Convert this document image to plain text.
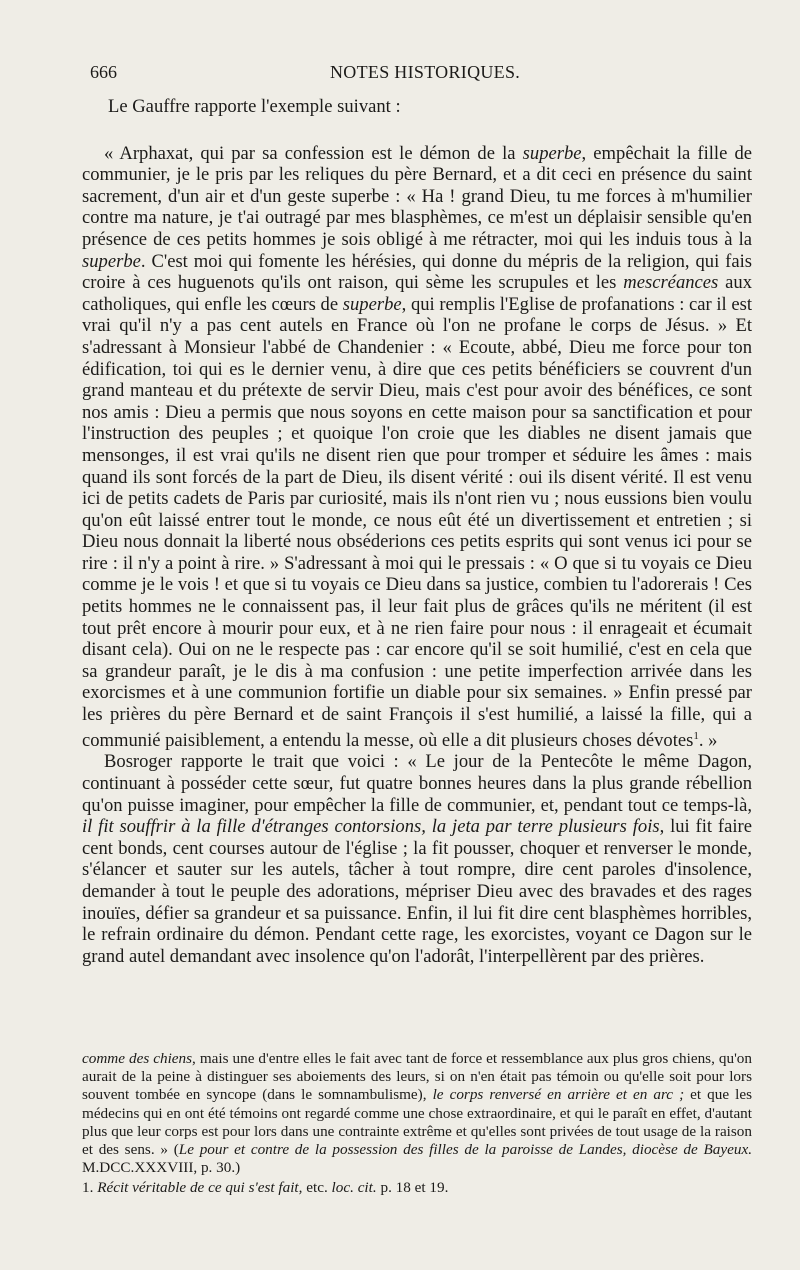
666	NOTES HISTORIQUES.

Le Gauffre rapporte l'exemple suivant :

« Arphaxat, qui par sa confession est le démon de la superbe, empêchait la fille de communier, je le pris par les reliques du père Bernard, et a dit ceci en présence du saint sacrement, d'un air et d'un geste superbe : « Ha ! grand Dieu, tu me forces à m'humilier contre ma nature, je t'ai outragé par mes blasphèmes, ce m'est un déplaisir sensible qu'en présence de ces petits hommes je sois obligé à me rétracter, moi qui les induis tous à la superbe. C'est moi qui fomente les hérésies, qui donne du mépris de la religion, qui fais croire à ces huguenots qu'ils ont raison, qui sème les scrupules et les mescréances aux catholiques, qui enfle les cœurs de superbe, qui remplis l'Eglise de profanations : car il est vrai qu'il n'y a pas cent autels en France où l'on ne profane le corps de Jésus. » Et s'adressant à Monsieur l'abbé de Chandenier : « Ecoute, abbé, Dieu me force pour ton édification, toi qui es le dernier venu, à dire que ces petits bénéficiers se couvrent d'un grand manteau et du prétexte de servir Dieu, mais c'est pour avoir des bénéfices, ce sont nos amis : Dieu a permis que nous soyons en cette maison pour sa sanctification et pour l'instruction des peuples ; et quoique l'on croie que les diables ne disent jamais que mensonges, il est vrai qu'ils ne disent rien que pour tromper et séduire les âmes : mais quand ils sont forcés de la part de Dieu, ils disent vérité : oui ils disent vérité. Il est venu ici de petits cadets de Paris par curiosité, mais ils n'ont rien vu ; nous eussions bien voulu qu'on eût laissé entrer tout le monde, ce nous eût été un divertissement et entretien ; si Dieu nous donnait la liberté nous obséderions ces petits esprits qui sont venus ici pour se rire : il n'y a point à rire. » S'adressant à moi qui le pressais : « O que si tu voyais ce Dieu comme je le vois ! et que si tu voyais ce Dieu dans sa justice, combien tu l'adorerais ! Ces petits hommes ne le connaissent pas, il leur fait plus de grâces qu'ils ne méritent (il est tout prêt encore à mourir pour eux, et à ne rien faire pour nous : il enrageait et écumait disant cela). Oui on ne le respecte pas : car encore qu'il se soit humilié, c'est en cela que sa grandeur paraît, je le dis à ma confusion : une petite imperfection arrivée dans les exorcismes et à une communion fortifie un diable pour six semaines. » Enfin pressé par les prières du père Bernard et de saint François il s'est humilié, a laissé la fille, qui a communié paisiblement, a entendu la messe, où elle a dit plusieurs choses dévotes$^1$. »

Bosroger rapporte le trait que voici : « Le jour de la Pentecôte le même Dagon, continuant à posséder cette sœur, fut quatre bonnes heures dans la plus grande rébellion qu'on puisse imaginer, pour empêcher la fille de communier, et, pendant tout ce temps-là, il fit souffrir à la fille d'étranges contorsions, la jeta par terre plusieurs fois, lui fit faire cent bonds, cent courses autour de l'église ; la fit pousser, choquer et renverser le monde, s'élancer et sauter sur les autels, tâcher à tout rompre, dire cent paroles d'insolence, demander à tout le peuple des adorations, mépriser Dieu avec des bravades et des rages inouïes, défier sa grandeur et sa puissance. Enfin, il lui fit dire cent blasphèmes horribles, le refrain ordinaire du démon. Pendant cette rage, les exorcistes, voyant ce Dagon sur le grand autel demandant avec insolence qu'on l'adorât, l'interpellèrent par des prières.

comme des chiens, mais une d'entre elles le fait avec tant de force et ressemblance aux plus gros chiens, qu'on aurait de la peine à distinguer ses aboiements des leurs, si on n'en était pas témoin ou qu'elle soit pour lors souvent tombée en syncope (dans le somnambulisme), le corps renversé en arrière et en arc ; et que les médecins qui en ont été témoins ont regardé comme une chose extraordinaire, et qui le paraît en effet, d'autant plus que leur corps est pour lors dans une contrainte extrême et qu'elles sont privées de tout usage de la raison et des sens. » (Le pour et contre de la possession des filles de la paroisse de Landes, diocèse de Bayeux. M.DCC.XXXVIII, p. 30.)

1. Récit véritable de ce qui s'est fait, etc. loc. cit. p. 18 et 19.
